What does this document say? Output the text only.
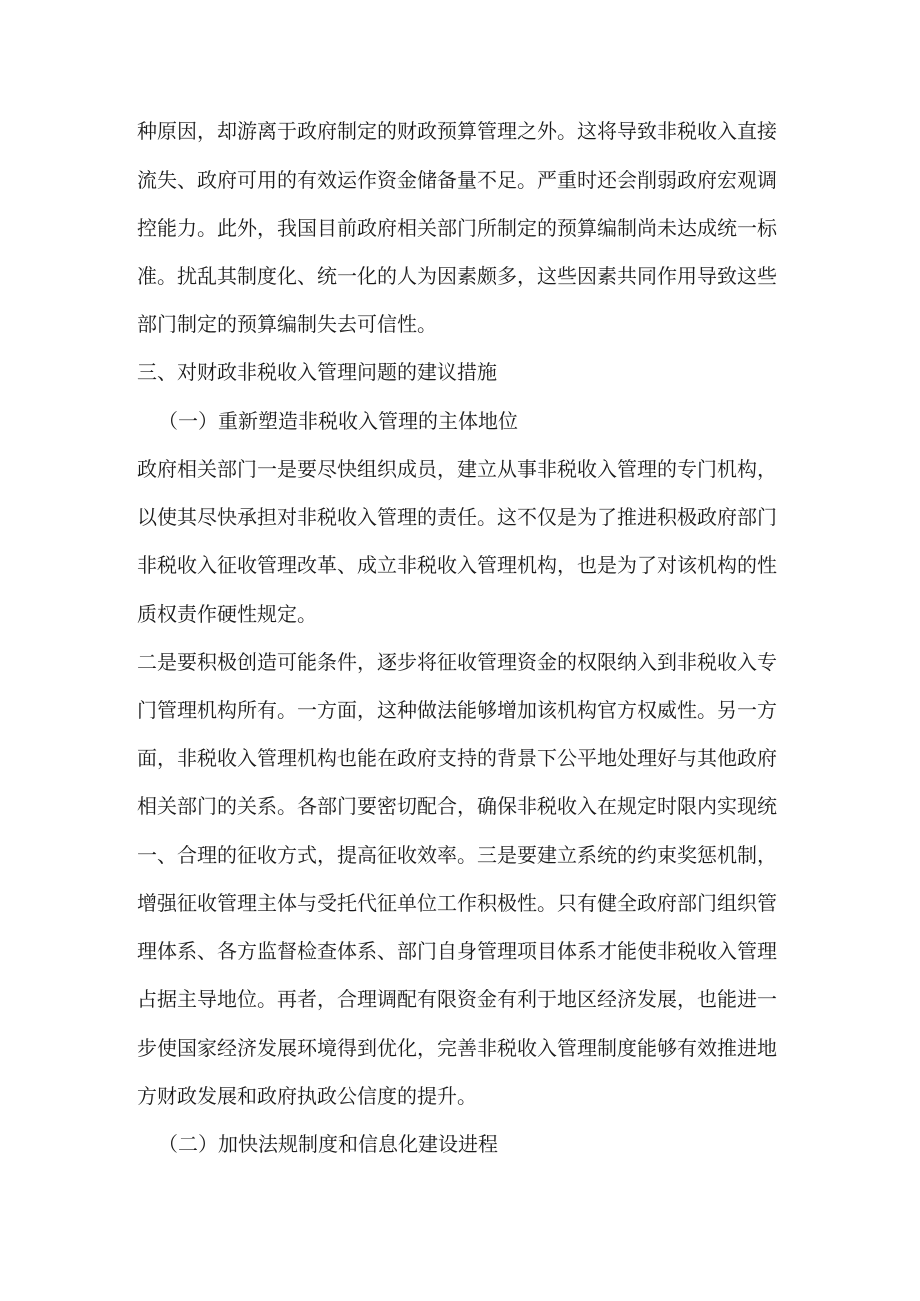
种原因，却游离于政府制定的财政预算管理之外。这将导致非税收入直接
流失、政府可用的有效运作资金储备量不足。严重时还会削弱政府宏观调
控能力。此外，我国目前政府相关部门所制定的预算编制尚未达成统一标
准。扰乱其制度化、统一化的人为因素颇多，这些因素共同作用导致这些
部门制定的预算编制失去可信性。
三、对财政非税收入管理问题的建议措施
（一）重新塑造非税收入管理的主体地位
政府相关部门一是要尽快组织成员，建立从事非税收入管理的专门机构，
以使其尽快承担对非税收入管理的责任。这不仅是为了推进积极政府部门
非税收入征收管理改革、成立非税收入管理机构，也是为了对该机构的性
质权责作硬性规定。
二是要积极创造可能条件，逐步将征收管理资金的权限纳入到非税收入专
门管理机构所有。一方面，这种做法能够增加该机构官方权威性。另一方
面，非税收入管理机构也能在政府支持的背景下公平地处理好与其他政府
相关部门的关系。各部门要密切配合，确保非税收入在规定时限内实现统
一、合理的征收方式，提高征收效率。三是要建立系统的约束奖惩机制，
增强征收管理主体与受托代征单位工作积极性。只有健全政府部门组织管
理体系、各方监督检查体系、部门自身管理项目体系才能使非税收入管理
占据主导地位。再者，合理调配有限资金有利于地区经济发展，也能进一
步使国家经济发展环境得到优化，完善非税收入管理制度能够有效推进地
方财政发展和政府执政公信度的提升。
（二）加快法规制度和信息化建设进程
